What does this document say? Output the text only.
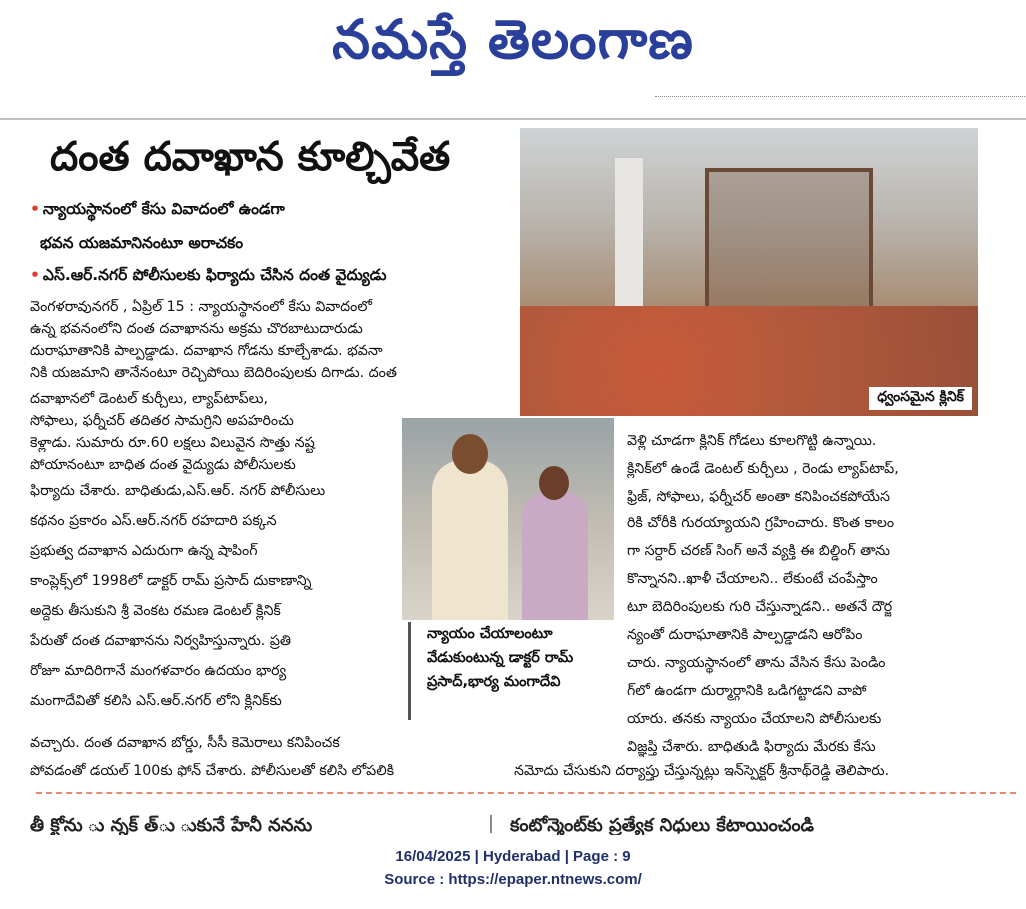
నమస్తే తెలంగాణ
దంత దవాఖాన కూల్చివేత
• న్యాయస్థానంలో కేసు వివాదంలో ఉండగా
భవన యజమానినంటూ అరాచకం
• ఎస్.ఆర్.నగర్ పోలీసులకు ఫిర్యాదు చేసిన దంత వైద్యుడు
వెంగళరావునగర్ , ఏప్రిల్ 15 : న్యాయస్థానంలో కేసు వివాదంలో
ఉన్న భవనంలోని దంత దవాఖానను అక్రమ చొరబాటుదారుడు
దురాఘాతానికి పాల్పడ్డాడు. దవాఖాన గోడను కూల్చేశాడు. భవనా
నికి యజమాని తానేనంటూ రెచ్చిపోయి బెదిరింపులకు దిగాడు. దంత
దవాఖానలో డెంటల్ కుర్చీలు, ల్యాప్‌టాప్‌లు,
సోఫాలు, ఫర్నీచర్ తదితర సామగ్రిని అపహరించు
కెళ్లాడు. సుమారు రూ.60 లక్షలు విలువైన సొత్తు నష్ట
పోయానంటూ బాధిత దంత వైద్యుడు పోలీసులకు
ఫిర్యాదు చేశారు. బాధితుడు,ఎస్.ఆర్. నగర్ పోలీసులు
కథనం ప్రకారం ఎస్.ఆర్.నగర్ రహదారి పక్కన
ప్రభుత్వ దవాఖాన ఎదురుగా ఉన్న షాపింగ్
కాంప్లెక్స్‌లో 1998లో డాక్టర్ రామ్ ప్రసాద్ దుకాణాన్ని
అద్దెకు తీసుకుని శ్రీ వెంకట రమణ డెంటల్ క్లినిక్
పేరుతో దంత దవాఖానను నిర్వహిస్తున్నారు. ప్రతి
రోజూ మాదిరిగానే మంగళవారం ఉదయం భార్య
మంగాదేవితో కలిసి ఎస్.ఆర్.నగర్ లోని క్లినిక్‌కు
వచ్చారు. దంత దవాఖాన బోర్డు, సీసీ కెమెరాలు కనిపించక
పోవడంతో డయల్ 100కు ఫోన్ చేశారు. పోలీసులతో కలిసి లోపలికి
ధ్వంసమైన క్లినిక్
న్యాయం చేయాలంటూ
వేడుకుంటున్న డాక్టర్ రామ్
ప్రసాద్,భార్య మంగాదేవి
వెళ్లి చూడగా క్లినిక్ గోడలు కూలగొట్టి ఉన్నాయి.
క్లినిక్‌లో ఉండే డెంటల్ కుర్చీలు , రెండు ల్యాప్‌టాప్,
ఫ్రిజ్, సోఫాలు, ఫర్నీచర్ అంతా కనిపించకపోయేస
రికి చోరీకి గురయ్యాయని గ్రహించారు. కొంత కాలం
గా సర్దార్ చరణ్ సింగ్ అనే వ్యక్తి ఈ బిల్డింగ్ తాను
కొన్నానని..ఖాళీ చేయాలని.. లేకుంటే చంపేస్తాం
టూ బెదిరింపులకు గురి చేస్తున్నాడని.. అతనే దౌర్జ
న్యంతో దురాఘాతానికి పాల్పడ్డాడని ఆరోపిం
చారు. న్యాయస్థానంలో తాను వేసిన కేసు పెండిం
గ్‌లో ఉండగా దుర్మార్గానికి ఒడిగట్టాడని వాపో
యారు. తనకు న్యాయం చేయాలని పోలీసులకు
విజ్ఞప్తి చేశారు. బాధితుడి ఫిర్యాదు మేరకు కేసు
నమోదు చేసుకుని దర్యాప్తు చేస్తున్నట్లు ఇన్‌స్పెక్టర్ శ్రీనాథ్‌రెడ్డి తెలిపారు.
తీ క్టోను ు న్నక్ త్ు ుకునే హేనీ ననను	కంటోన్మెంట్‌కు ప్రత్యేక నిధులు కేటాయించండి
16/04/2025 | Hyderabad | Page : 9
Source : https://epaper.ntnews.com/
